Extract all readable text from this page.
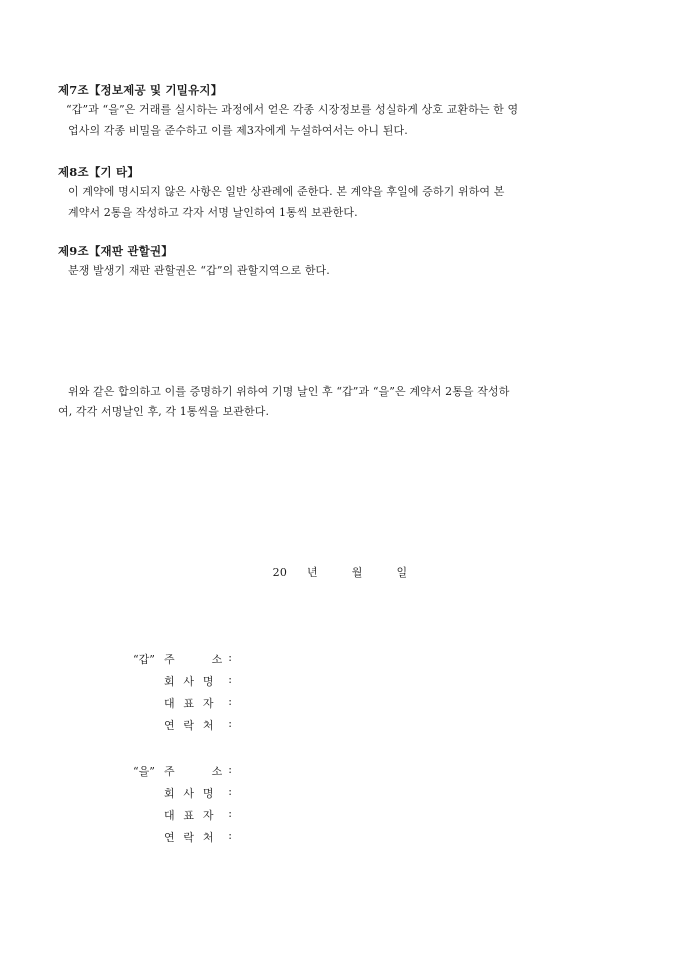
제7조【정보제공 및 기밀유지】
“갑”과 “을”은 거래를 실시하는 과정에서 얻은 각종 시장정보를 성실하게 상호 교환하는 한 영
업사의 각종 비밀을 준수하고 이를 제3자에게 누설하여서는 아니 된다.
제8조【기 타】
이 계약에 명시되지 않은 사항은 일반 상관례에 준한다. 본 계약을 후일에 증하기 위하여 본
계약서 2통을 작성하고 각자 서명 날인하여 1통씩 보관한다.
제9조【재판 관할권】
분쟁 발생기 재판 관할권은 “갑”의 관할지역으로 한다.
위와 같은 합의하고 이를 증명하기 위하여 기명 날인 후 “갑”과 “을”은 계약서 2통을 작성하
여, 각각 서명날인 후, 각 1통씩을 보관한다.
20 년	월	일
“갑” 주	소 :
회 사 명 :
대 표 자 :
연 락 처 :
“을” 주	소 :
회 사 명 :
대 표 자 :
연 락 처 :
